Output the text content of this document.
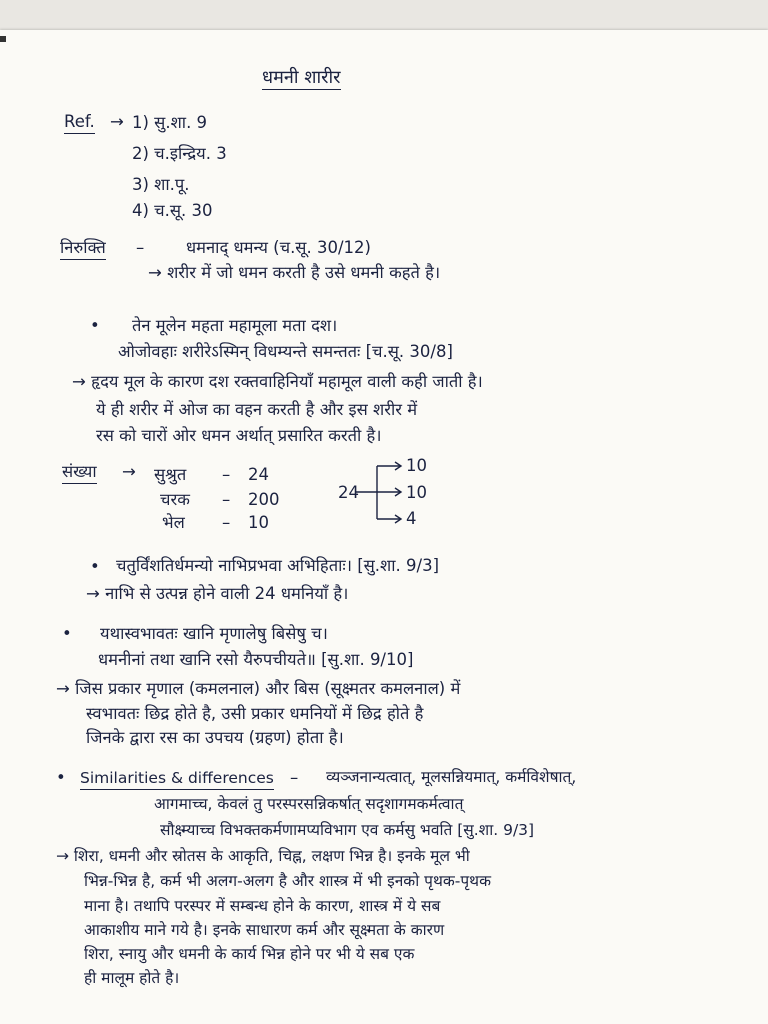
धमनी शारीर
Ref. → 1) सु.शा. 9
2) च.इन्द्रिय. 3
3) शा.पू.
4) च.सू. 30
निरुक्ति –	धमनाद् धमन्य (च.सू. 30/12)
→ शरीर में जो धमन करती है उसे धमनी कहते है।
• तेन मूलेन महता महामूला मता दश।
ओजोवहाः शरीरेऽस्मिन् विधम्यन्ते समन्ततः [च.सू. 30/8]
→ हृदय मूल के कारण दश रक्तवाहिनियाँ महामूल वाली कही जाती है।
ये ही शरीर में ओज का वहन करती है और इस शरीर में
रस को चारों ओर धमन अर्थात् प्रसारित करती है।
संख्या → सुश्रुत – 24
चरक – 200
भेल – 10
24
10
10
4
• चतुर्विंशतिर्धमन्यो नाभिप्रभवा अभिहिताः। [सु.शा. 9/3]
→ नाभि से उत्पन्न होने वाली 24 धमनियाँ है।
• यथास्वभावतः खानि मृणालेषु बिसेषु च।
धमनीनां तथा खानि रसो यैरुपचीयते॥ [सु.शा. 9/10]
→ जिस प्रकार मृणाल (कमलनाल) और बिस (सूक्ष्मतर कमलनाल) में
स्वभावतः छिद्र होते है, उसी प्रकार धमनियों में छिद्र होते है
जिनके द्वारा रस का उपचय (ग्रहण) होता है।
• Similarities & differences – व्यञ्जनान्यत्वात्, मूलसन्नियमात्, कर्मविशेषात्,
आगमाच्च, केवलं तु परस्परसन्निकर्षात् सदृशागमकर्मत्वात्
सौक्ष्म्याच्च विभक्तकर्मणामप्यविभाग एव कर्मसु भवति [सु.शा. 9/3]
→ शिरा, धमनी और स्रोतस के आकृति, चिह्न, लक्षण भिन्न है। इनके मूल भी
भिन्न-भिन्न है, कर्म भी अलग-अलग है और शास्त्र में भी इनको पृथक-पृथक
माना है। तथापि परस्पर में सम्बन्ध होने के कारण, शास्त्र में ये सब
आकाशीय माने गये है। इनके साधारण कर्म और सूक्ष्मता के कारण
शिरा, स्नायु और धमनी के कार्य भिन्न होने पर भी ये सब एक
ही मालूम होते है।
